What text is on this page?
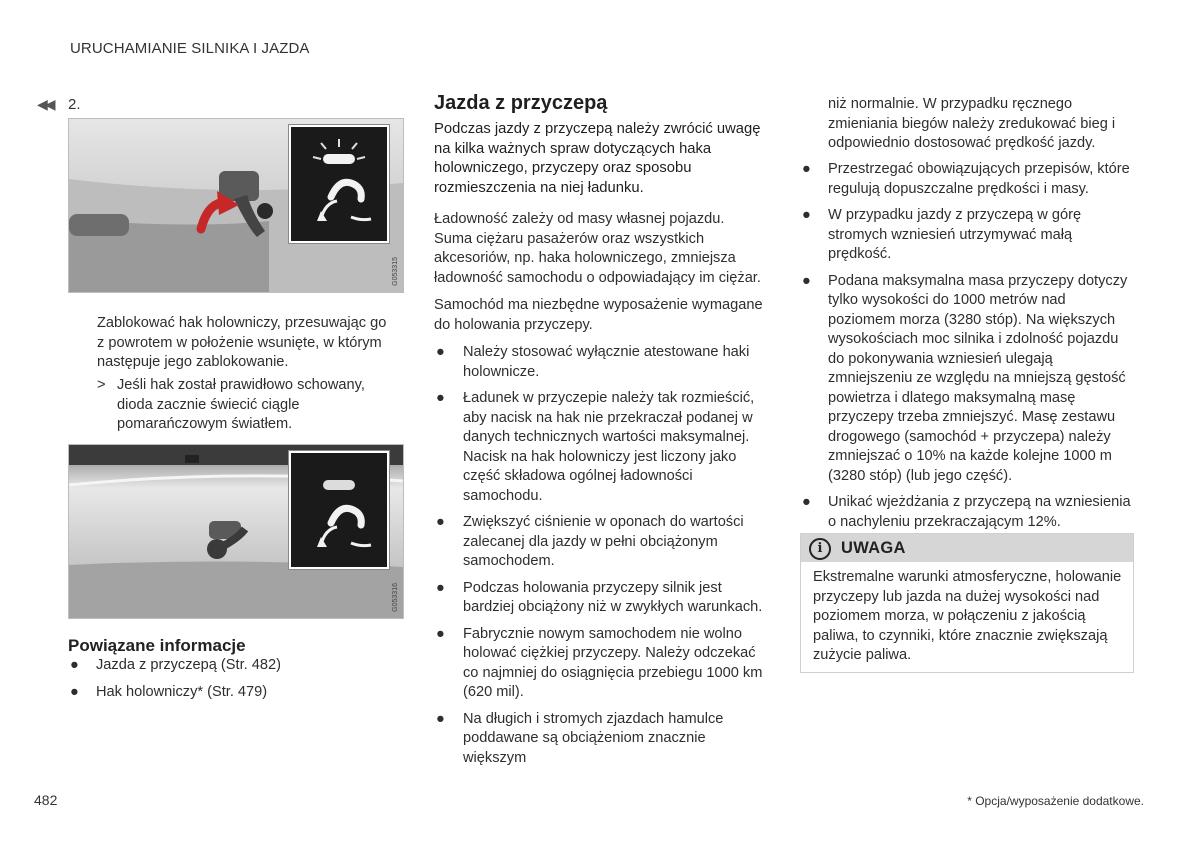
URUCHAMIANIE SILNIKA I JAZDA
◀◀ 2.
G053315
Zablokować hak holowniczy, przesuwając go z powrotem w położenie wsunięte, w którym następuje jego zablokowanie.
> Jeśli hak został prawidłowo schowany, dioda zacznie świecić ciągle pomarańczowym światłem.
G053316
Powiązane informacje
● Jazda z przyczepą (Str. 482)
● Hak holowniczy* (Str. 479)
Jazda z przyczepą
Podczas jazdy z przyczepą należy zwrócić uwagę na kilka ważnych spraw dotyczących haka holowniczego, przyczepy oraz sposobu rozmieszczenia na niej ładunku.
Ładowność zależy od masy własnej pojazdu. Suma ciężaru pasażerów oraz wszystkich akcesoriów, np. haka holowniczego, zmniejsza ładowność samochodu o odpowiadający im ciężar.
Samochód ma niezbędne wyposażenie wymagane do holowania przyczepy.
● Należy stosować wyłącznie atestowane haki holownicze.
● Ładunek w przyczepie należy tak rozmieścić, aby nacisk na hak nie przekraczał podanej w danych technicznych wartości maksymalnej. Nacisk na hak holowniczy jest liczony jako część składowa ogólnej ładowności samochodu.
● Zwiększyć ciśnienie w oponach do wartości zalecanej dla jazdy w pełni obciążonym samochodem.
● Podczas holowania przyczepy silnik jest bardziej obciążony niż w zwykłych warunkach.
● Fabrycznie nowym samochodem nie wolno holować ciężkiej przyczepy. Należy odczekać co najmniej do osiągnięcia przebiegu 1000 km (620 mil).
● Na długich i stromych zjazdach hamulce poddawane są obciążeniom znacznie większym
niż normalnie. W przypadku ręcznego zmieniania biegów należy zredukować bieg i odpowiednio dostosować prędkość jazdy.
● Przestrzegać obowiązujących przepisów, które regulują dopuszczalne prędkości i masy.
● W przypadku jazdy z przyczepą w górę stromych wzniesień utrzymywać małą prędkość.
● Podana maksymalna masa przyczepy dotyczy tylko wysokości do 1000 metrów nad poziomem morza (3280 stóp). Na większych wysokościach moc silnika i zdolność pojazdu do pokonywania wzniesień ulegają zmniejszeniu ze względu na mniejszą gęstość powietrza i dlatego maksymalną masę przyczepy trzeba zmniejszyć. Masę zestawu drogowego (samochód + przyczepa) należy zmniejszać o 10% na każde kolejne 1000 m (3280 stóp) (lub jego część).
● Unikać wjeżdżania z przyczepą na wzniesienia o nachyleniu przekraczającym 12%.
i	UWAGA
Ekstremalne warunki atmosferyczne, holowanie przyczepy lub jazda na dużej wysokości nad poziomem morza, w połączeniu z jakością paliwa, to czynniki, które znacznie zwiększają zużycie paliwa.
482	* Opcja/wyposażenie dodatkowe.
